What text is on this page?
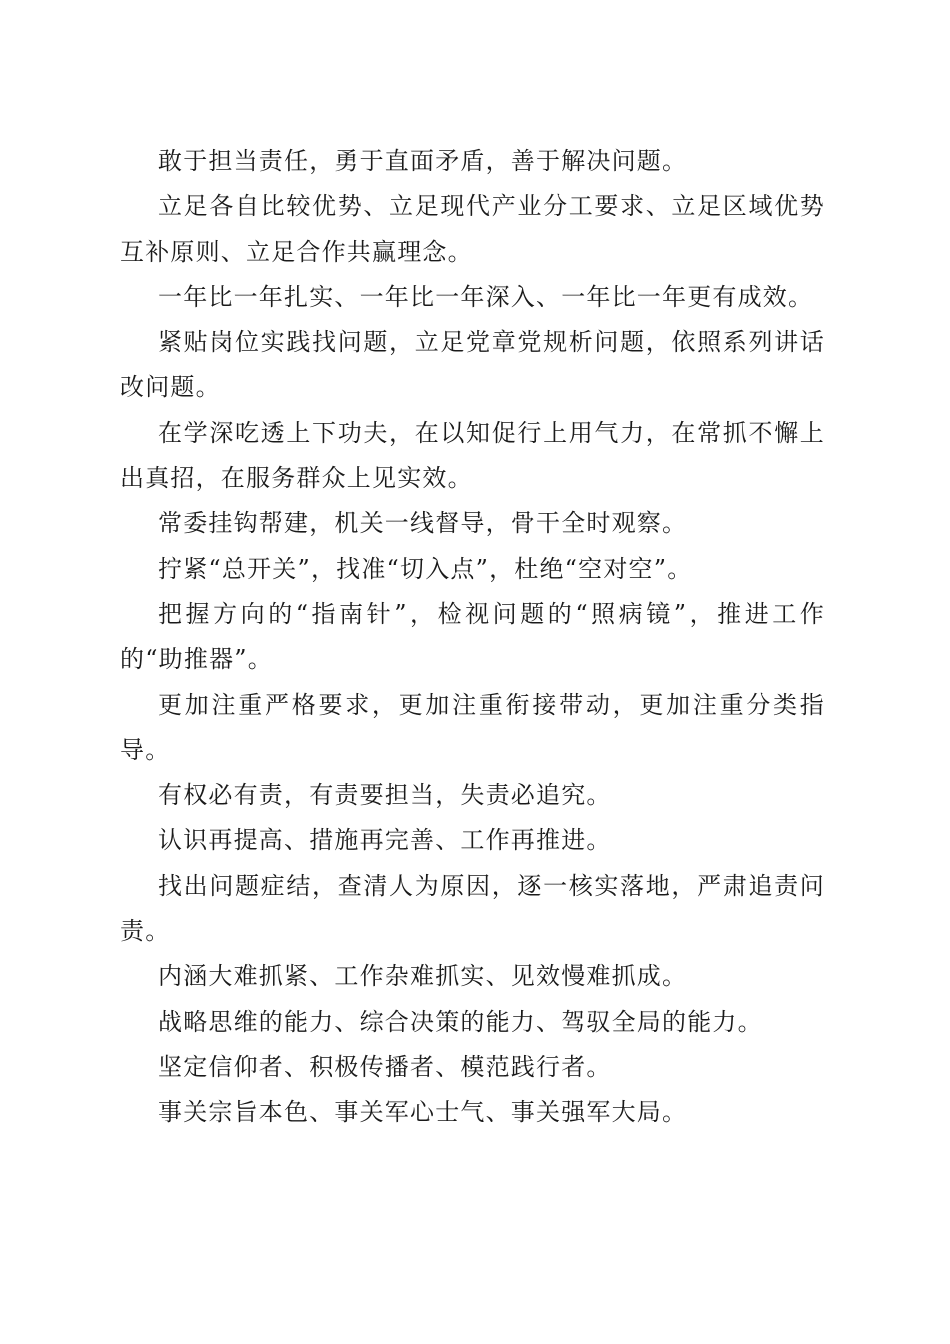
敢于担当责任，勇于直面矛盾，善于解决问题。

立足各自比较优势、立足现代产业分工要求、立足区域优势互补原则、立足合作共赢理念。

一年比一年扎实、一年比一年深入、一年比一年更有成效。

紧贴岗位实践找问题，立足党章党规析问题，依照系列讲话改问题。

在学深吃透上下功夫，在以知促行上用气力，在常抓不懈上出真招，在服务群众上见实效。

常委挂钩帮建，机关一线督导，骨干全时观察。

拧紧“总开关”，找准“切入点”，杜绝“空对空”。

把握方向的“指南针”，检视问题的“照病镜”，推进工作的“助推器”。

更加注重严格要求，更加注重衔接带动，更加注重分类指导。

有权必有责，有责要担当，失责必追究。

认识再提高、措施再完善、工作再推进。

找出问题症结，查清人为原因，逐一核实落地，严肃追责问责。

内涵大难抓紧、工作杂难抓实、见效慢难抓成。

战略思维的能力、综合决策的能力、驾驭全局的能力。

坚定信仰者、积极传播者、模范践行者。

事关宗旨本色、事关军心士气、事关强军大局。
